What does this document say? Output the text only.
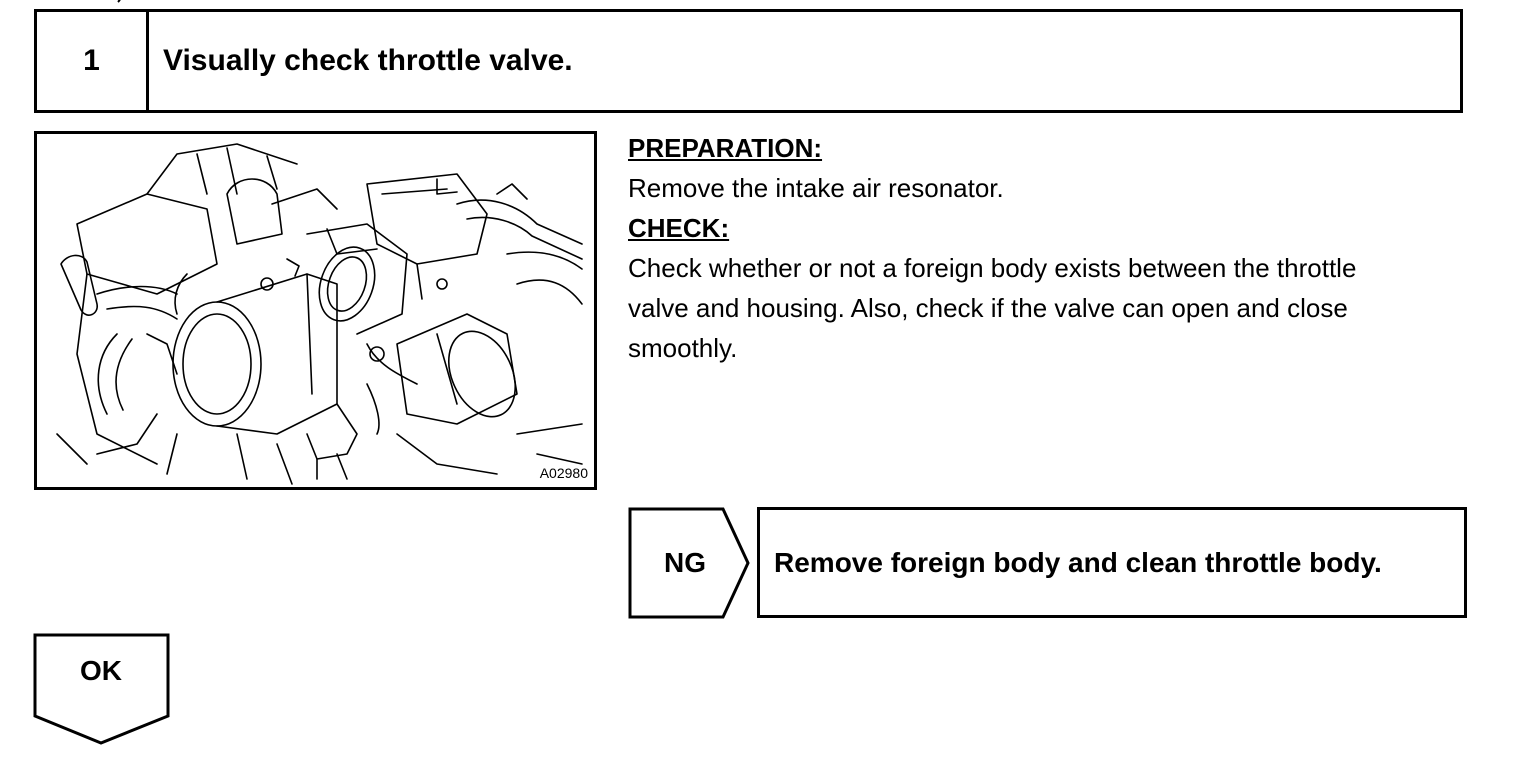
1	Visually check throttle valve.
A02980
PREPARATION:
Remove the intake air resonator.
CHECK:
Check whether or not a foreign body exists between the throttle
valve and housing. Also, check if the valve can open and close
smoothly.
NG	Remove foreign body and clean throttle body.
OK
